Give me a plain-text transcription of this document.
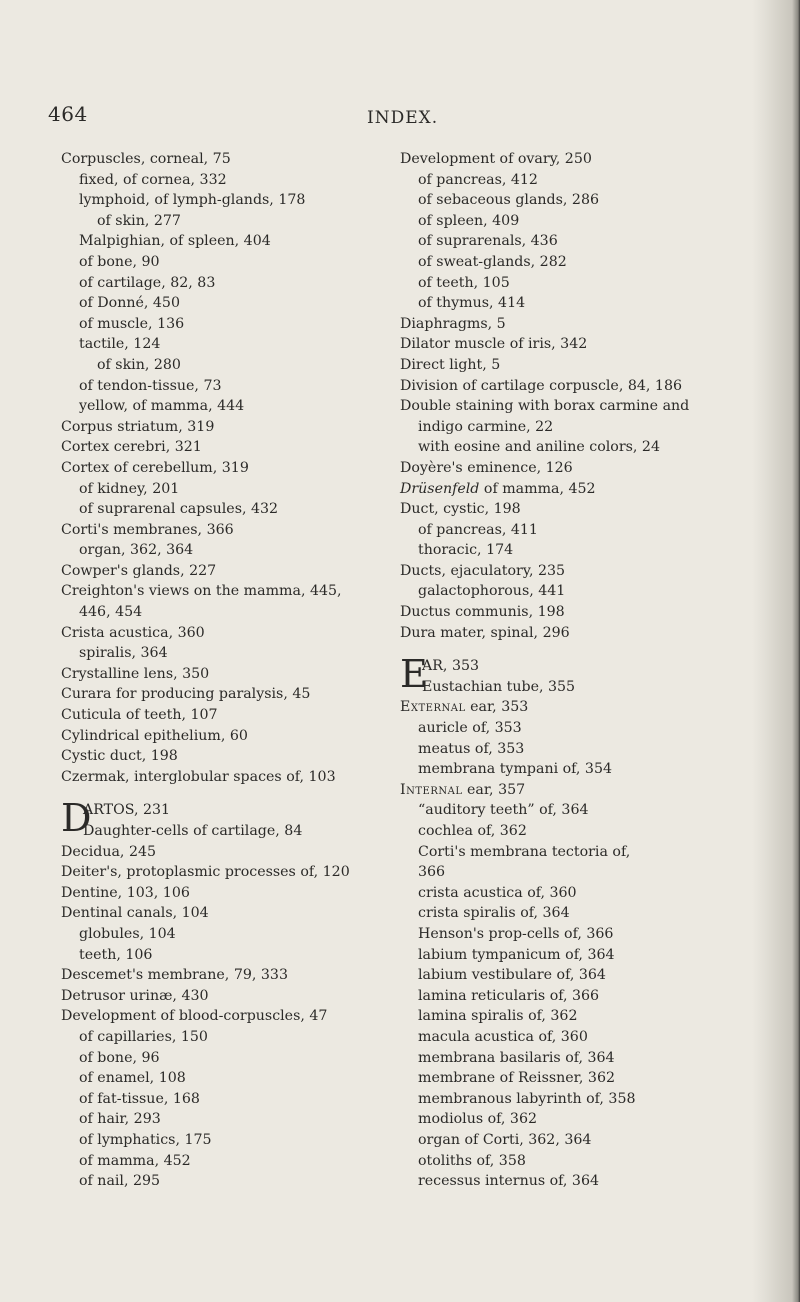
464	INDEX.
Corpuscles, corneal, 75
fixed, of cornea, 332
lymphoid, of lymph-glands, 178
of skin, 277
Malpighian, of spleen, 404
of bone, 90
of cartilage, 82, 83
of Donné, 450
of muscle, 136
tactile, 124
of skin, 280
of tendon-tissue, 73
yellow, of mamma, 444
Corpus striatum, 319
Cortex cerebri, 321
Cortex of cerebellum, 319
of kidney, 201
of suprarenal capsules, 432
Corti's membranes, 366
organ, 362, 364
Cowper's glands, 227
Creighton's views on the mamma, 445,
446, 454
Crista acustica, 360
spiralis, 364
Crystalline lens, 350
Curara for producing paralysis, 45
Cuticula of teeth, 107
Cylindrical epithelium, 60
Cystic duct, 198
Czermak, interglobular spaces of, 103
D
ARTOS, 231
Daughter-cells of cartilage, 84
Decidua, 245
Deiter's, protoplasmic processes of, 120
Dentine, 103, 106
Dentinal canals, 104
globules, 104
teeth, 106
Descemet's membrane, 79, 333
Detrusor urinæ, 430
Development of blood-corpuscles, 47
of capillaries, 150
of bone, 96
of enamel, 108
of fat-tissue, 168
of hair, 293
of lymphatics, 175
of mamma, 452
of nail, 295
Development of ovary, 250
of pancreas, 412
of sebaceous glands, 286
of spleen, 409
of suprarenals, 436
of sweat-glands, 282
of teeth, 105
of thymus, 414
Diaphragms, 5
Dilator muscle of iris, 342
Direct light, 5
Division of cartilage corpuscle, 84, 186
Double staining with borax carmine and
indigo carmine, 22
with eosine and aniline colors, 24
Doyère's eminence, 126
Drüsenfeld of mamma, 452
Duct, cystic, 198
of pancreas, 411
thoracic, 174
Ducts, ejaculatory, 235
galactophorous, 441
Ductus communis, 198
Dura mater, spinal, 296
E
AR, 353
Eustachian tube, 355
External ear, 353
auricle of, 353
meatus of, 353
membrana tympani of, 354
Internal ear, 357
“auditory teeth” of, 364
cochlea of, 362
Corti's membrana tectoria of,
366
crista acustica of, 360
crista spiralis of, 364
Henson's prop-cells of, 366
labium tympanicum of, 364
labium vestibulare of, 364
lamina reticularis of, 366
lamina spiralis of, 362
macula acustica of, 360
membrana basilaris of, 364
membrane of Reissner, 362
membranous labyrinth of, 358
modiolus of, 362
organ of Corti, 362, 364
otoliths of, 358
recessus internus of, 364
